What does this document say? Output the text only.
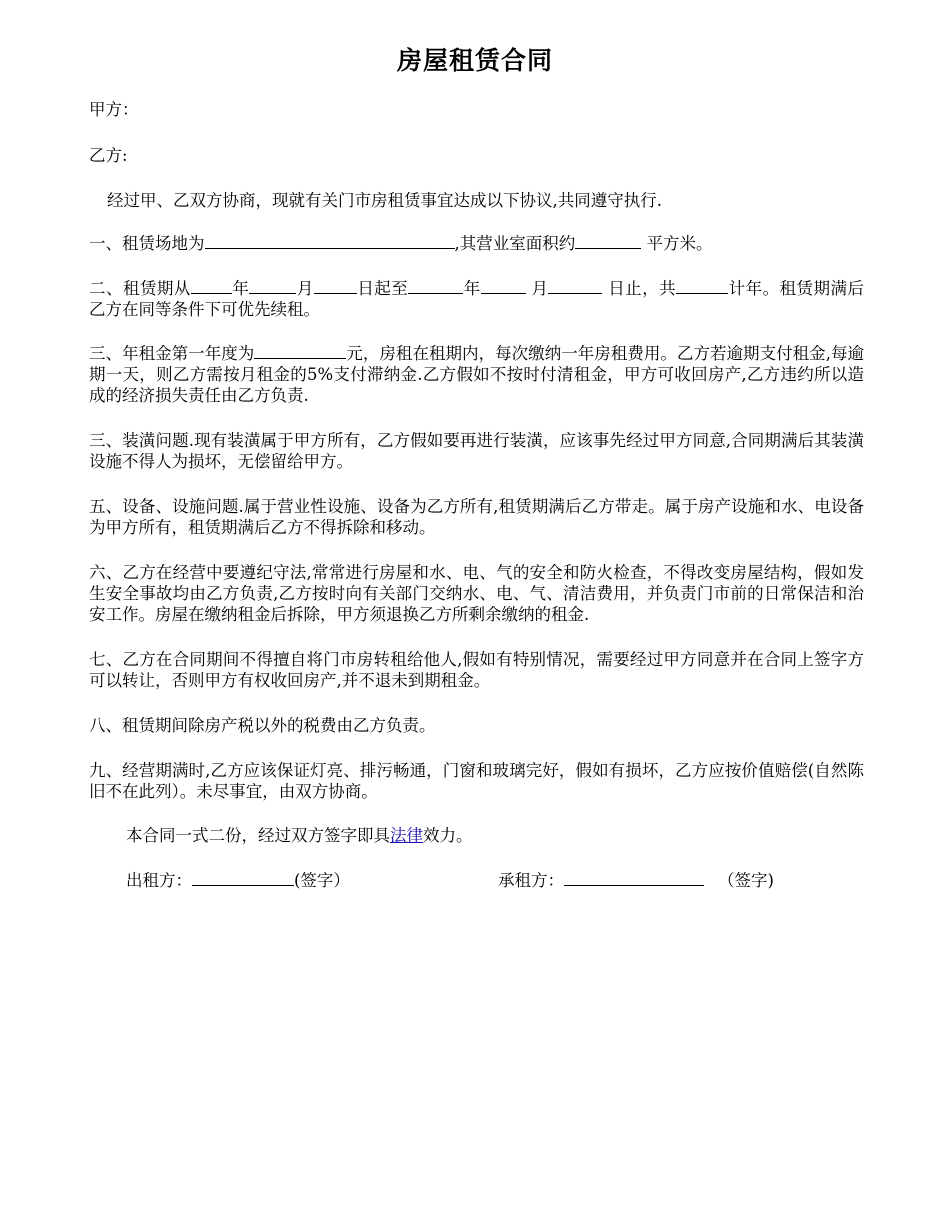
房屋租赁合同
甲方：
乙方:
经过甲、乙双方协商，现就有关门市房租赁事宜达成以下协议,共同遵守执行.
一、租赁场地为	,其营业室面积约	平方米。
二、租赁期从 年	月	日起至	年	月	日止，共	计年。租赁期满后乙方在同等条件下可优先续租。
三、年租金第一年度为	元，房租在租期内，每次缴纳一年房租费用。乙方若逾期支付租金,每逾期一天，则乙方需按月租金的5%支付滞纳金.乙方假如不按时付清租金，甲方可收回房产,乙方违约所以造成的经济损失责任由乙方负责.
三、装潢问题.现有装潢属于甲方所有，乙方假如要再进行装潢，应该事先经过甲方同意,合同期满后其装潢设施不得人为损坏，无偿留给甲方。
五、设备、设施问题.属于营业性设施、设备为乙方所有,租赁期满后乙方带走。属于房产设施和水、电设备为甲方所有，租赁期满后乙方不得拆除和移动。
六、乙方在经营中要遵纪守法,常常进行房屋和水、电、气的安全和防火检查，不得改变房屋结构，假如发生安全事故均由乙方负责,乙方按时向有关部门交纳水、电、气、清洁费用，并负责门市前的日常保洁和治安工作。房屋在缴纳租金后拆除，甲方须退换乙方所剩余缴纳的租金.
七、乙方在合同期间不得擅自将门市房转租给他人,假如有特别情况，需要经过甲方同意并在合同上签字方可以转让，否则甲方有权收回房产,并不退未到期租金。
八、租赁期间除房产税以外的税费由乙方负责。
九、经营期满时,乙方应该保证灯亮、排污畅通，门窗和玻璃完好，假如有损坏，乙方应按价值赔偿(自然陈旧不在此列）。未尽事宜，由双方协商。
本合同一式二份，经过双方签字即具法律效力。
出租方：	(签字）	承租方：	（签字)
